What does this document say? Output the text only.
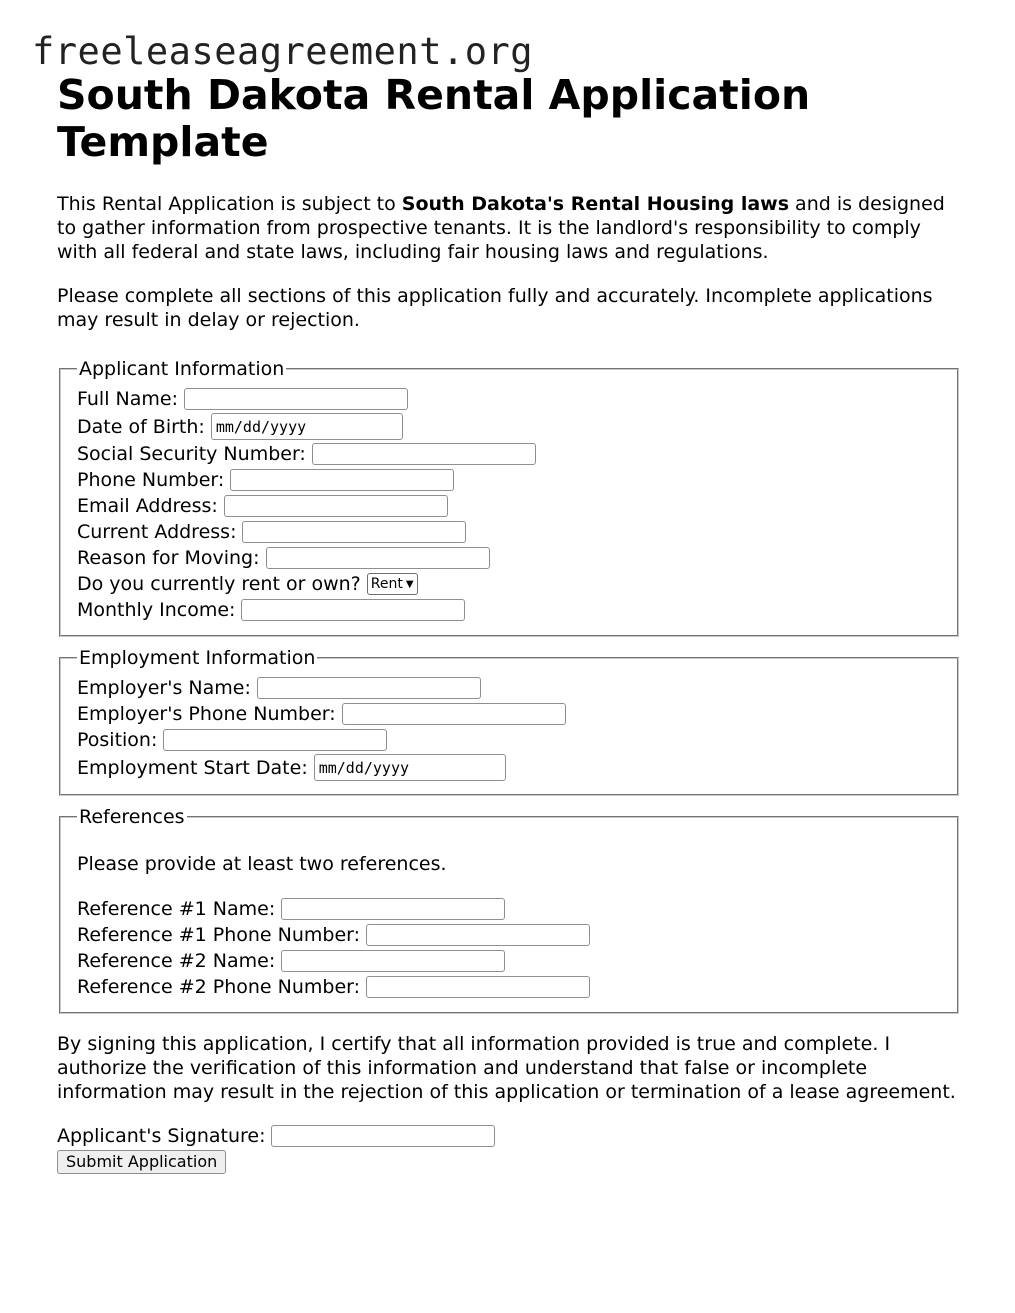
freeleaseagreement.org
South Dakota Rental Application Template

This Rental Application is subject to South Dakota's Rental Housing laws and is designed to gather information from prospective tenants. It is the landlord's responsibility to comply with all federal and state laws, including fair housing laws and regulations.

Please complete all sections of this application fully and accurately. Incomplete applications may result in delay or rejection.

Applicant Information
Full Name:
Date of Birth: mm/dd/yyyy
Social Security Number:
Phone Number:
Email Address:
Current Address:
Reason for Moving:
Do you currently rent or own? Rent ▼
Monthly Income:
Employment Information
Employer's Name:
Employer's Phone Number:
Position:
Employment Start Date: mm/dd/yyyy
References

Please provide at least two references.

Reference #1 Name:
Reference #1 Phone Number:
Reference #2 Name:
Reference #2 Phone Number:

By signing this application, I certify that all information provided is true and complete. I authorize the verification of this information and understand that false or incomplete information may result in the rejection of this application or termination of a lease agreement.

Applicant's Signature:
Submit Application
